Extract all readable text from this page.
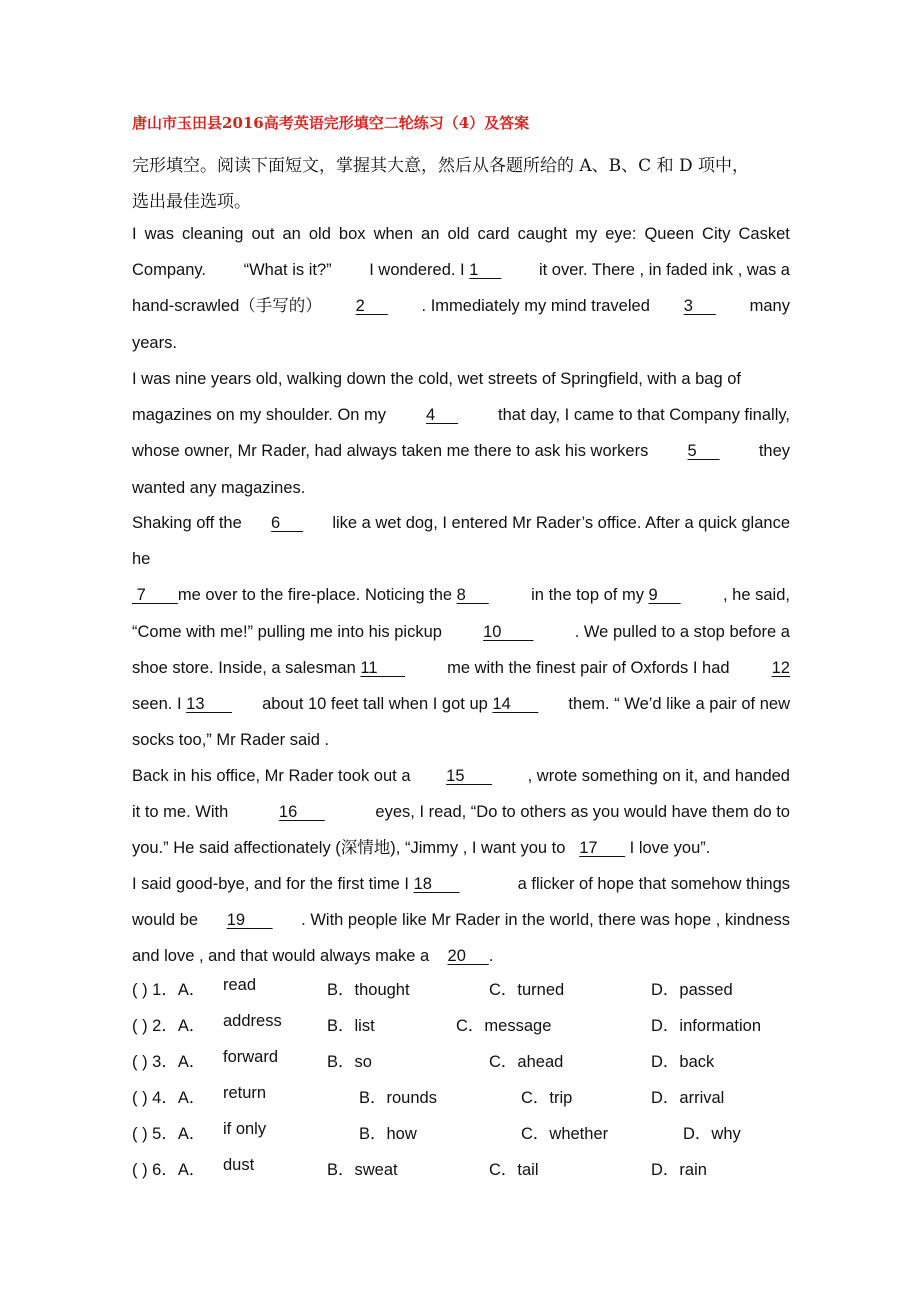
唐山市玉田县2016高考英语完形填空二轮练习（4）及答案
完形填空。阅读下面短文，掌握其大意，然后从各题所给的 A、B、C 和 D 项中，
选出最佳选项。
I was cleaning out an old box when an old card caught my eye: Queen City Casket
Company. “What is it?” I wondered. I 1 it over. There , in faded ink , was a
hand-scrawled（手写的） 2 . Immediately my mind traveled 3 many
years.
I was nine years old, walking down the cold, wet streets of Springfield, with a bag of
magazines on my shoulder. On my 4 that day, I came to that Company finally,
whose owner, Mr Rader, had always taken me there to ask his workers 5 they
wanted any magazines.
Shaking off the 6 like a wet dog, I entered Mr Rader’s office. After a quick glance
he
7       me over to the fire-place. Noticing the 8	in the top of my 9	, he said,
“Come with me!” pulling me into his pickup 10 . We pulled to a stop before a
shoe store. Inside, a salesman 11	me with the finest pair of Oxfords I had	12
seen. I 13 about 10 feet tall when I got up 14 them. “ We’d like a pair of new
socks too,” Mr Rader said .
Back in his office, Mr Rader took out a 15 , wrote something on it, and handed
it to me. With	16	eyes, I read, “Do to others as you would have them do to
you.” He said affectionately (深情地), “Jimmy , I want you to
17
I love you”.
I said good-bye, and for the first time I 18	a flicker of hope that somehow things
would be 19 . With people like Mr Rader in the world, there was hope , kindness
and love , and that would always make a
20 .
( ) 1．A． read	B．thought	C．turned	D．passed
( ) 2．A． address	B．list	C．message	D．information
( ) 3．A． forward	B．so	C．ahead	D．back
( ) 4．A． return	B．rounds	C．trip	D．arrival
( ) 5．A． if only	B．how	C．whether	D．why
( ) 6．A． dust	B．sweat	C．tail	D．rain
